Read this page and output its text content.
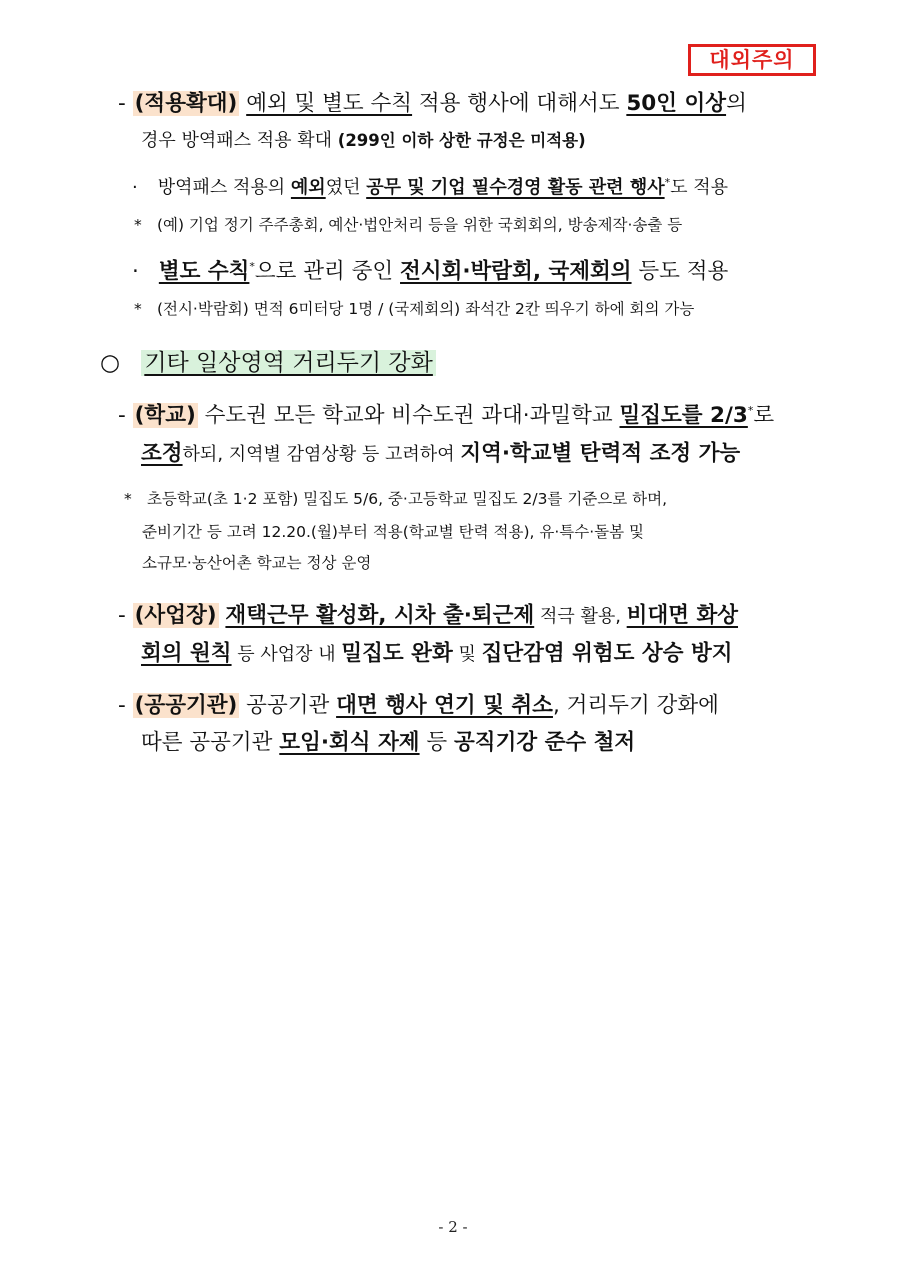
대외주의
- (적용확대) 예외 및 별도 수칙 적용 행사에 대해서도 50인 이상의
경우 방역패스 적용 확대 (299인 이하 상한 규정은 미적용)
· 방역패스 적용의 예외였던 공무 및 기업 필수경영 활동 관련 행사*도 적용
* (예) 기업 정기 주주총회, 예산·법안처리 등을 위한 국회회의, 방송제작·송출 등
· 별도 수칙*으로 관리 중인 전시회·박람회, 국제회의 등도 적용
* (전시·박람회) 면적 6미터당 1명 / (국제회의) 좌석간 2칸 띄우기 하에 회의 가능
○ 기타 일상영역 거리두기 강화
- (학교) 수도권 모든 학교와 비수도권 과대·과밀학교 밀집도를 2/3*로
조정하되, 지역별 감염상황 등 고려하여 지역·학교별 탄력적 조정 가능
* 초등학교(초 1·2 포함) 밀집도 5/6, 중·고등학교 밀집도 2/3를 기준으로 하며,
준비기간 등 고려 12.20.(월)부터 적용(학교별 탄력 적용), 유·특수·돌봄 및
소규모·농산어촌 학교는 정상 운영
- (사업장) 재택근무 활성화, 시차 출·퇴근제 적극 활용, 비대면 화상
회의 원칙 등 사업장 내 밀집도 완화 및 집단감염 위험도 상승 방지
- (공공기관) 공공기관 대면 행사 연기 및 취소, 거리두기 강화에
따른 공공기관 모임·회식 자제 등 공직기강 준수 철저
- 2 -
